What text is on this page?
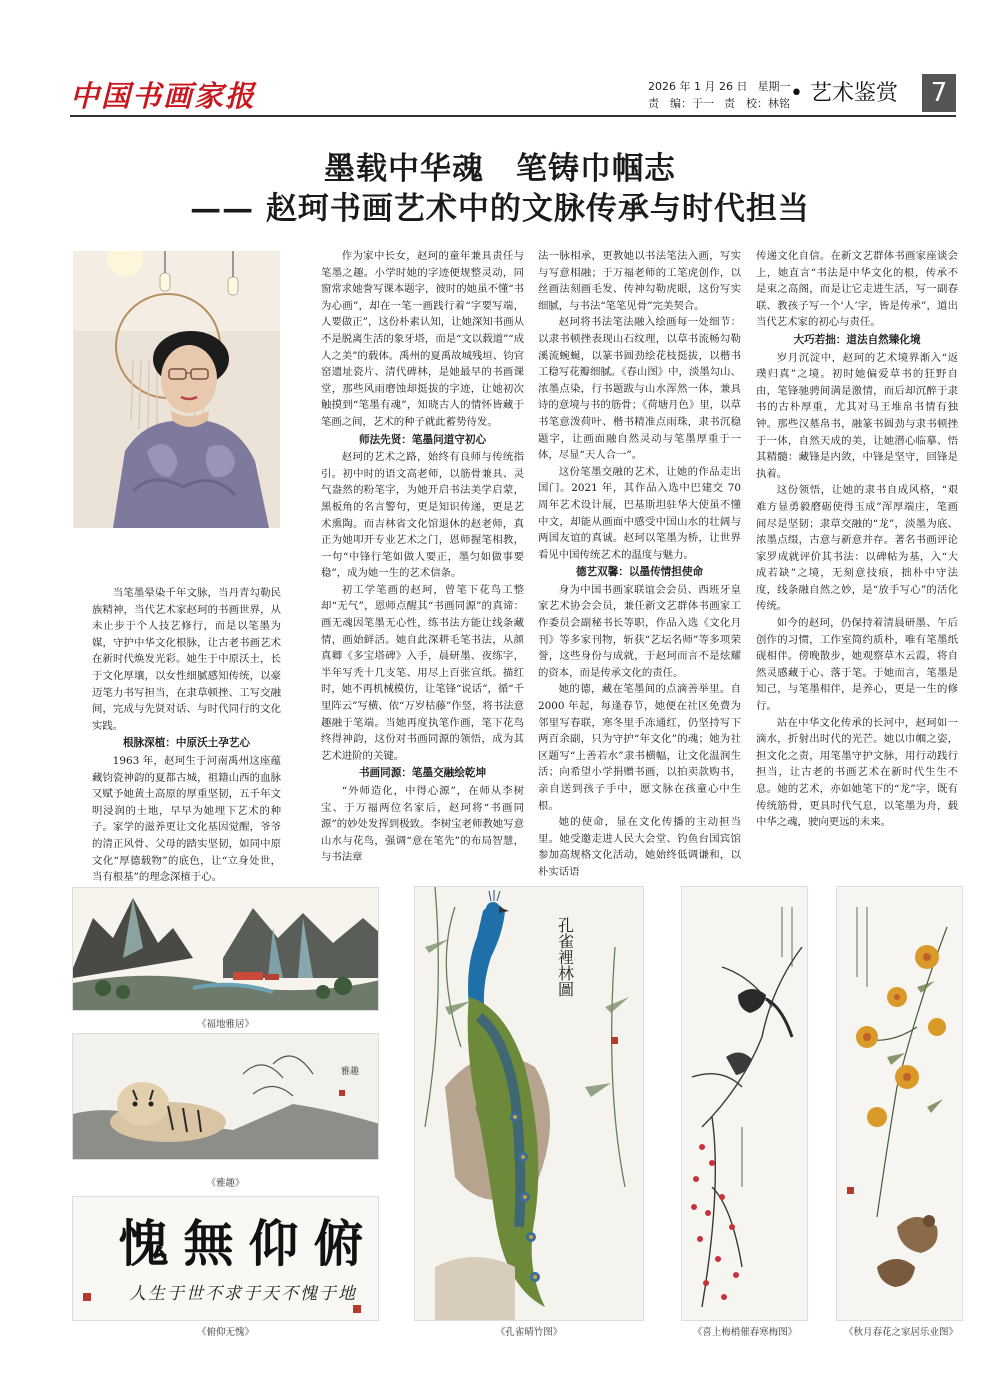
中国书画家报	2026 年 1 月 26 日 星期一
责　编：于一 责　校：林铭 • 艺术鉴赏	7
墨载中华魂　笔铸巾帼志
—— 赵珂书画艺术中的文脉传承与时代担当

当笔墨晕染千年文脉，当丹青勾勒民族精神，当代艺术家赵珂的书画世界，从未止步于个人技艺修行，而是以笔墨为媒，守护中华文化根脉，让古老书画艺术在新时代焕发光彩。她生于中原沃土，长于文化厚壤，以女性细腻感知传统，以豪迈笔力书写担当，在隶草顿挫、工写交融间，完成与先贤对话、与时代同行的文化实践。

根脉深植：中原沃土孕艺心

1963 年，赵珂生于河南禹州这座蕴藏钧瓷神韵的夏都古城，祖籍山西的血脉又赋予她黄土高原的厚重坚韧，五千年文明浸润的土地，早早为她埋下艺术的种子。家学的滋养更让文化基因觉醒，爷爷的清正风骨、父母的踏实坚韧，如同中原文化“厚德载物”的底色，让“立身处世，当有根基”的理念深植于心。

作为家中长女，赵珂的童年兼具责任与笔墨之趣。小学时她的字迹便规整灵动，同窗常求她誊写课本题字，彼时的她虽不懂“书为心画”，却在一笔一画践行着“字要写端，人要做正”，这份朴素认知，让她深知书画从不是脱离生活的象牙塔，而是“文以载道”“成人之美”的载体。禹州的夏禹故城残垣、钧官窑遗址瓷片、清代碑林，是她最早的书画课堂，那些风雨磨蚀却挺拔的字迹，让她初次触摸到“笔墨有魂”，知晓古人的情怀皆藏于笔画之间，艺术的种子就此蓄势待发。

师法先贤：笔墨问道守初心

赵珂的艺术之路，始终有良师与传统指引。初中时的语文高老师，以筋骨兼具、灵气盎然的粉笔字，为她开启书法美学启蒙，黑板角的名言警句，更是知识传递，更是艺术熏陶。而吉林省文化馆退休的赵老师，真正为她叩开专业艺术之门，恩师握笔相教，一句“中锋行笔如做人要正，墨匀如做事要稳”，成为她一生的艺术信条。

初工学笔画的赵珂，曾笔下花鸟工整却“无气”，恩师点醒其“书画同源”的真谛：画无魂因笔墨无心性，练书法方能让线条藏情，画始鲜活。她自此深耕毛笔书法，从颜真卿《多宝塔碑》入手，晨研墨、夜练字，半年写秃十几支笔、用尽上百张宣纸。描红时，她不再机械模仿，让笔锋“说话”，循“千里阵云”写横、依“万岁枯藤”作竖，将书法意趣融于笔端。当她再度执笔作画，笔下花鸟终得神韵，这份对书画同源的领悟，成为其艺术进阶的关键。

书画同源：笔墨交融绘乾坤

“外师造化，中得心源”，在师从李树宝、于万福两位名家后，赵珂将“书画同源”的妙处发挥到极致。李树宝老师教她写意山水与花鸟，强调“意在笔先”的布局智慧，与书法章

法一脉相承，更教她以书法笔法入画，写实与写意相融；于万福老师的工笔虎创作，以丝画法刻画毛发、传神勾勒虎眼，这份写实细腻，与书法“笔笔见骨”完美契合。

赵珂将书法笔法融入绘画每一处细节：以隶书顿挫表现山石纹理，以草书流畅勾勒溪流蜿蜒，以篆书圆劲绘花枝挺拔，以楷书工稳写花瓣细腻。《春山图》中，淡墨勾山、浓墨点染，行书题跋与山水浑然一体，兼具诗的意境与书的筋骨；《荷塘月色》里，以草书笔意泼荷叶、楷书精准点雨珠，隶书沉稳题字，让画面融自然灵动与笔墨厚重于一体，尽显“天人合一”。

这份笔墨交融的艺术，让她的作品走出国门。2021 年，其作品入选中巴建交 70 周年艺术设计展，巴基斯坦驻华大使虽不懂中文，却能从画面中感受中国山水的壮阔与两国友谊的真诚。赵珂以笔墨为桥，让世界看见中国传统艺术的温度与魅力。

德艺双馨：以墨传情担使命

身为中国书画家联谊会会员、西班牙皇家艺术协会会员，兼任新文艺群体书画家工作委员会副秘书长等职，作品入选《文化月刊》等多家刊物，斩获“艺坛名师”等多项荣誉，这些身份与成就，于赵珂而言不是炫耀的资本，而是传承文化的责任。

她的德，藏在笔墨间的点滴善举里。自2000 年起，每逢春节，她便在社区免费为邻里写春联，寒冬里手冻通红，仍坚持写下两百余副，只为守护“年文化”的魂；她为社区题写“上善若水”隶书横幅，让文化温润生活；向希望小学捐赠书画，以拍卖款购书，亲自送到孩子手中，愿文脉在孩童心中生根。

她的使命，显在文化传播的主动担当里。她受邀走进人民大会堂、钓鱼台国宾馆参加高规格文化活动，她始终低调谦和，以朴实话语

传递文化自信。在新文艺群体书画家座谈会上，她直言“书法是中华文化的根，传承不是束之高阁，而是让它走进生活，写一副春联、教孩子写一个‘人’字，皆是传承”，道出当代艺术家的初心与责任。
大巧若拙：道法自然臻化境

岁月沉淀中，赵珂的艺术境界渐入“返璞归真”之境。初时她偏爱草书的狂野自由，笔锋驰骋间满是激情，而后却沉醉于隶书的古朴厚重，尤其对马王堆帛书情有独钟。那些汉墓帛书，融篆书圆劲与隶书顿挫于一体，自然天成的美，让她潜心临摹、悟其精髓：藏锋是内敛，中锋是坚守，回锋是执着。

这份领悟，让她的隶书自成风格，“艰难方显勇毅磨砺使得玉成”浑厚端庄，笔画间尽是坚韧；隶草交融的“龙”，淡墨为底、浓墨点缀，古意与新意并存。著名书画评论家罗成就评价其书法：以碑帖为基，入“大成若缺”之境，无刻意技痕，拙朴中守法度，线条融自然之妙，是“放手写心”的活化传统。

如今的赵珂，仍保持着清晨研墨、午后创作的习惯，工作室简约质朴，唯有笔墨纸砚相伴。傍晚散步，她观察草木云霞，将自然灵感藏于心、落于笔。于她而言，笔墨是知己，与笔墨相伴，是养心，更是一生的修行。

站在中华文化传承的长河中，赵珂如一滴水，折射出时代的光芒。她以巾帼之姿，担文化之责，用笔墨守护文脉，用行动践行担当，让古老的书画艺术在新时代生生不息。她的艺术，亦如她笔下的“龙”字，既有传统筋骨，更具时代气息，以笔墨为舟，载中华之魂，驶向更远的未来。

《福地雅居》
雅趣
《雅趣》
愧 無 仰 俯
人生于世不求于天不愧于地
《俯仰无愧》
孔雀裡林圖
《孔雀晴竹图》	《喜上梅梢催春寒梅图》	《秋月春花之家居乐业图》
